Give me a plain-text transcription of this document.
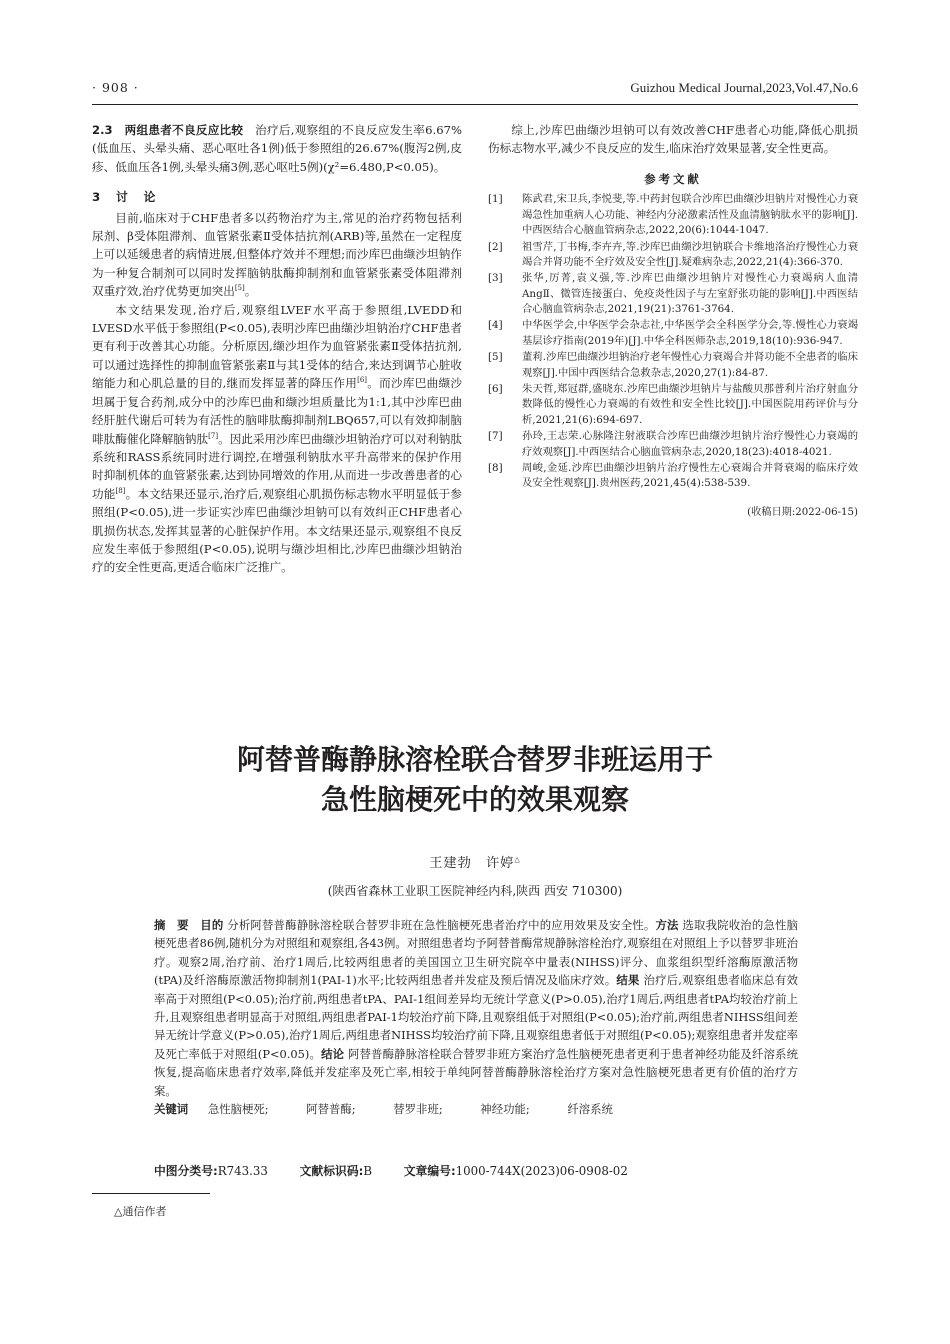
· 908 ·	Guizhou Medical Journal,2023,Vol.47,No.6

2.3　两组患者不良反应比较　 治疗后,观察组的不良反应发生率6.67%(低血压、头晕头痛、恶心呕吐各1例)低于参照组的26.67%(腹泻2例,皮疹、低血压各1例,头晕头痛3例,恶心呕吐5例)(χ²=6.480,P<0.05)。

3　讨　论

目前,临床对于CHF患者多以药物治疗为主,常见的治疗药物包括利尿剂、β受体阻滞剂、血管紧张素Ⅱ受体拮抗剂(ARB)等,虽然在一定程度上可以延缓患者的病情进展,但整体疗效并不理想;而沙库巴曲缬沙坦钠作为一种复合制剂可以同时发挥脑钠肽酶抑制剂和血管紧张素受体阻滞剂双重疗效,治疗优势更加突出[5]。

本文结果发现,治疗后,观察组LVEF水平高于参照组,LVEDD和LVESD水平低于参照组(P<0.05),表明沙库巴曲缬沙坦钠治疗CHF患者更有利于改善其心功能。分析原因,缬沙坦作为血管紧张素Ⅱ受体拮抗剂,可以通过选择性的抑制血管紧张素Ⅱ与其1受体的结合,来达到调节心脏收缩能力和心肌总量的目的,继而发挥显著的降压作用[6]。而沙库巴曲缬沙坦属于复合药剂,成分中的沙库巴曲和缬沙坦质量比为1:1,其中沙库巴曲经肝脏代谢后可转为有活性的脑啡肽酶抑制剂LBQ657,可以有效抑制脑啡肽酶催化降解脑钠肽[7]。因此采用沙库巴曲缬沙坦钠治疗可以对利钠肽系统和RASS系统同时进行调控,在增强利钠肽水平升高带来的保护作用时抑制机体的血管紧张素,达到协同增效的作用,从而进一步改善患者的心功能[8]。本文结果还显示,治疗后,观察组心肌损伤标志物水平明显低于参照组(P<0.05),进一步证实沙库巴曲缬沙坦钠可以有效纠正CHF患者心肌损伤状态,发挥其显著的心脏保护作用。本文结果还显示,观察组不良反应发生率低于参照组(P<0.05),说明与缬沙坦相比,沙库巴曲缬沙坦钠治疗的安全性更高,更适合临床广泛推广。

综上,沙库巴曲缬沙坦钠可以有效改善CHF患者心功能,降低心肌损伤标志物水平,减少不良反应的发生,临床治疗效果显著,安全性更高。

参考文献
[1]	陈武君,宋卫兵,李悦斐,等.中药封包联合沙库巴曲缬沙坦钠片对慢性心力衰竭急性加重病人心功能、神经内分泌激素活性及血清脑钠肽水平的影响[J].中西医结合心脑血管病杂志,2022,20(6):1044-1047.
[2]	祖雪芹,丁书梅,李卉卉,等.沙库巴曲缬沙坦钠联合卡维地洛治疗慢性心力衰竭合并肾功能不全疗效及安全性[J].疑难病杂志,2022,21(4):366-370.
[3]	张华,厉菁,袁义强,等.沙库巴曲缬沙坦钠片对慢性心力衰竭病人血清AngⅡ、微管连接蛋白、免疫炎性因子与左室舒张功能的影响[J].中西医结合心脑血管病杂志,2021,19(21):3761-3764.
[4]	中华医学会,中华医学会杂志社,中华医学会全科医学分会,等.慢性心力衰竭基层诊疗指南(2019年)[J].中华全科医师杂志,2019,18(10):936-947.
[5]	董莉.沙库巴曲缬沙坦钠治疗老年慢性心力衰竭合并肾功能不全患者的临床观察[J].中国中西医结合急救杂志,2020,27(1):84-87.
[6]	朱天哲,郑冠群,盛晓东.沙库巴曲缬沙坦钠片与盐酸贝那普利片治疗射血分数降低的慢性心力衰竭的有效性和安全性比较[J].中国医院用药评价与分析,2021,21(6):694-697.
[7]	孙玲,王志荣.心脉隆注射液联合沙库巴曲缬沙坦钠片治疗慢性心力衰竭的疗效观察[J].中西医结合心脑血管病杂志,2020,18(23):4018-4021.
[8]	周峻,金延.沙库巴曲缬沙坦钠片治疗慢性左心衰竭合并肾衰竭的临床疗效及安全性观察[J].贵州医药,2021,45(4):538-539.
(收稿日期:2022-06-15)
阿替普酶静脉溶栓联合替罗非班运用于
急性脑梗死中的效果观察
王建勃　许婷△
(陕西省森林工业职工医院神经内科,陕西 西安 710300)

摘　要　 目的 分析阿替普酶静脉溶栓联合替罗非班在急性脑梗死患者治疗中的应用效果及安全性。方法 选取我院收治的急性脑梗死患者86例,随机分为对照组和观察组,各43例。对照组患者均予阿替普酶常规静脉溶栓治疗,观察组在对照组上予以替罗非班治疗。观察2周,治疗前、治疗1周后,比较两组患者的美国国立卫生研究院卒中量表(NIHSS)评分、血浆组织型纤溶酶原激活物(tPA)及纤溶酶原激活物抑制剂1(PAI-1)水平;比较两组患者并发症及预后情况及临床疗效。结果 治疗后,观察组患者临床总有效率高于对照组(P<0.05);治疗前,两组患者tPA、PAI-1组间差异均无统计学意义(P>0.05),治疗1周后,两组患者tPA均较治疗前上升,且观察组患者明显高于对照组,两组患者PAI-1均较治疗前下降,且观察组低于对照组(P<0.05);治疗前,两组患者NIHSS组间差异无统计学意义(P>0.05),治疗1周后,两组患者NIHSS均较治疗前下降,且观察组患者低于对照组(P<0.05);观察组患者并发症率及死亡率低于对照组(P<0.05)。结论 阿替普酶静脉溶栓联合替罗非班方案治疗急性脑梗死患者更利于患者神经功能及纤溶系统恢复,提高临床患者疗效率,降低并发症率及死亡率,相较于单纯阿替普酶静脉溶栓治疗方案对急性脑梗死患者更有价值的治疗方案。

关键词 急性脑梗死;	阿替普酶;	替罗非班;	神经功能;	纤溶系统

中图分类号:R743.33	文献标识码:B	文章编号:1000-744X(2023)06-0908-02
△通信作者
